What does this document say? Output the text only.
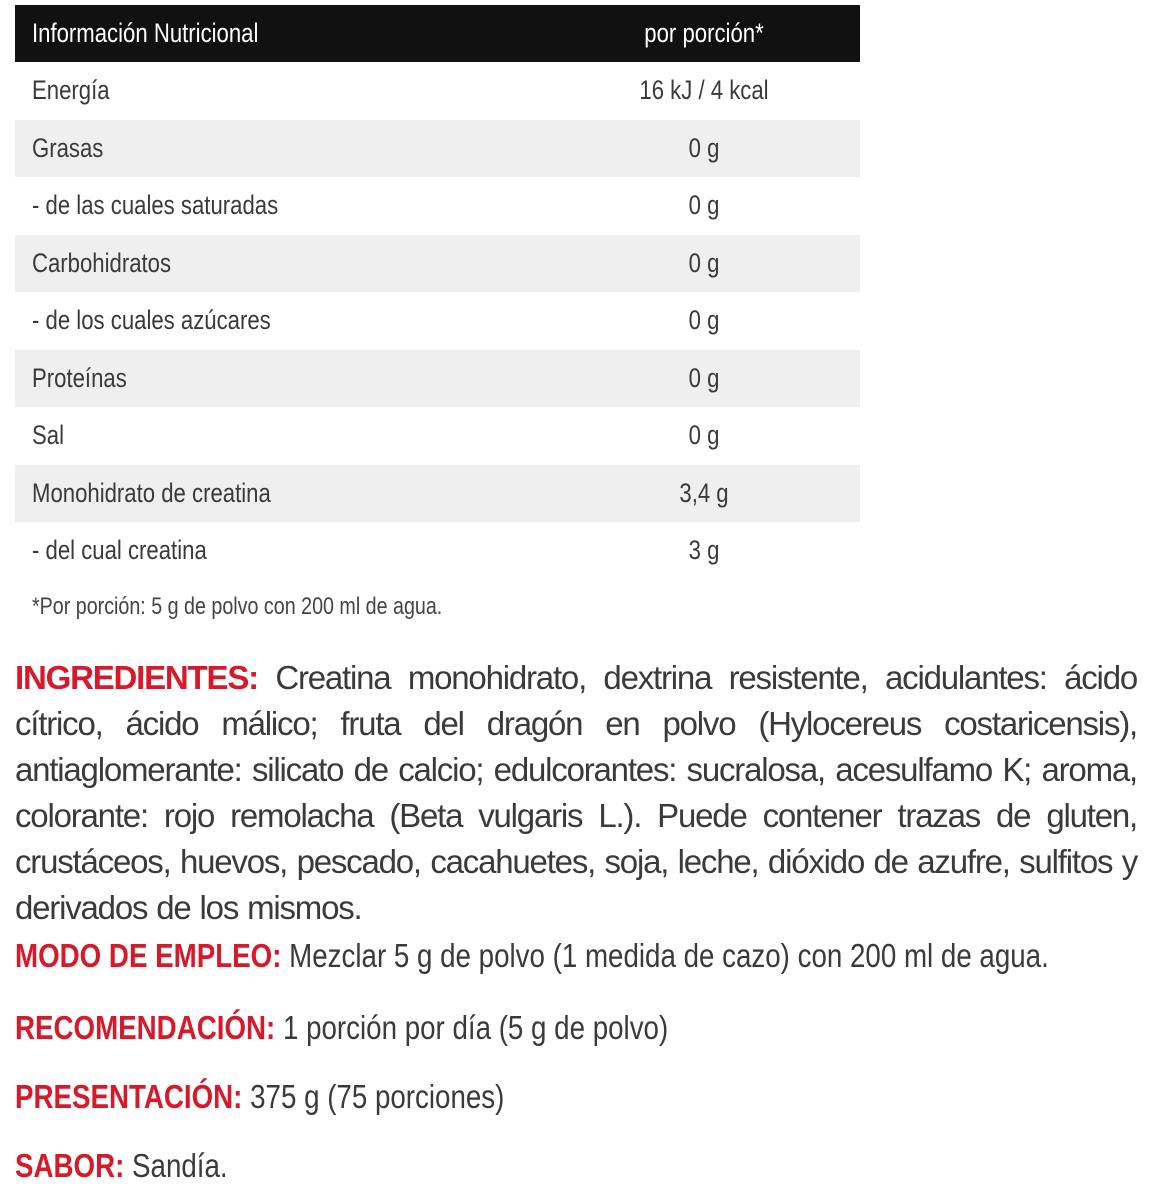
Información Nutricional	por porción*
Energía	16 kJ / 4 kcal
Grasas	0 g
- de las cuales saturadas	0 g
Carbohidratos	0 g
- de los cuales azúcares	0 g
Proteínas	0 g
Sal	0 g
Monohidrato de creatina	3,4 g
- del cual creatina	3 g
*Por porción: 5 g de polvo con 200 ml de agua.
INGREDIENTES: Creatina monohidrato, dextrina resistente, acidulantes: ácido cítrico, ácido málico; fruta del dragón en polvo (Hylocereus costaricensis), antiaglomerante: silicato de calcio; edulcorantes: sucralosa, acesulfamo K; aroma, colorante: rojo remolacha (Beta vulgaris L.). Puede contener trazas de gluten, crustáceos, huevos, pescado, cacahuetes, soja, leche, dióxido de azufre, sulfitos y derivados de los mismos.
MODO DE EMPLEO: Mezclar 5 g de polvo (1 medida de cazo) con 200 ml de agua.
RECOMENDACIÓN: 1 porción por día (5 g de polvo)
PRESENTACIÓN: 375 g (75 porciones)
SABOR: Sandía.
